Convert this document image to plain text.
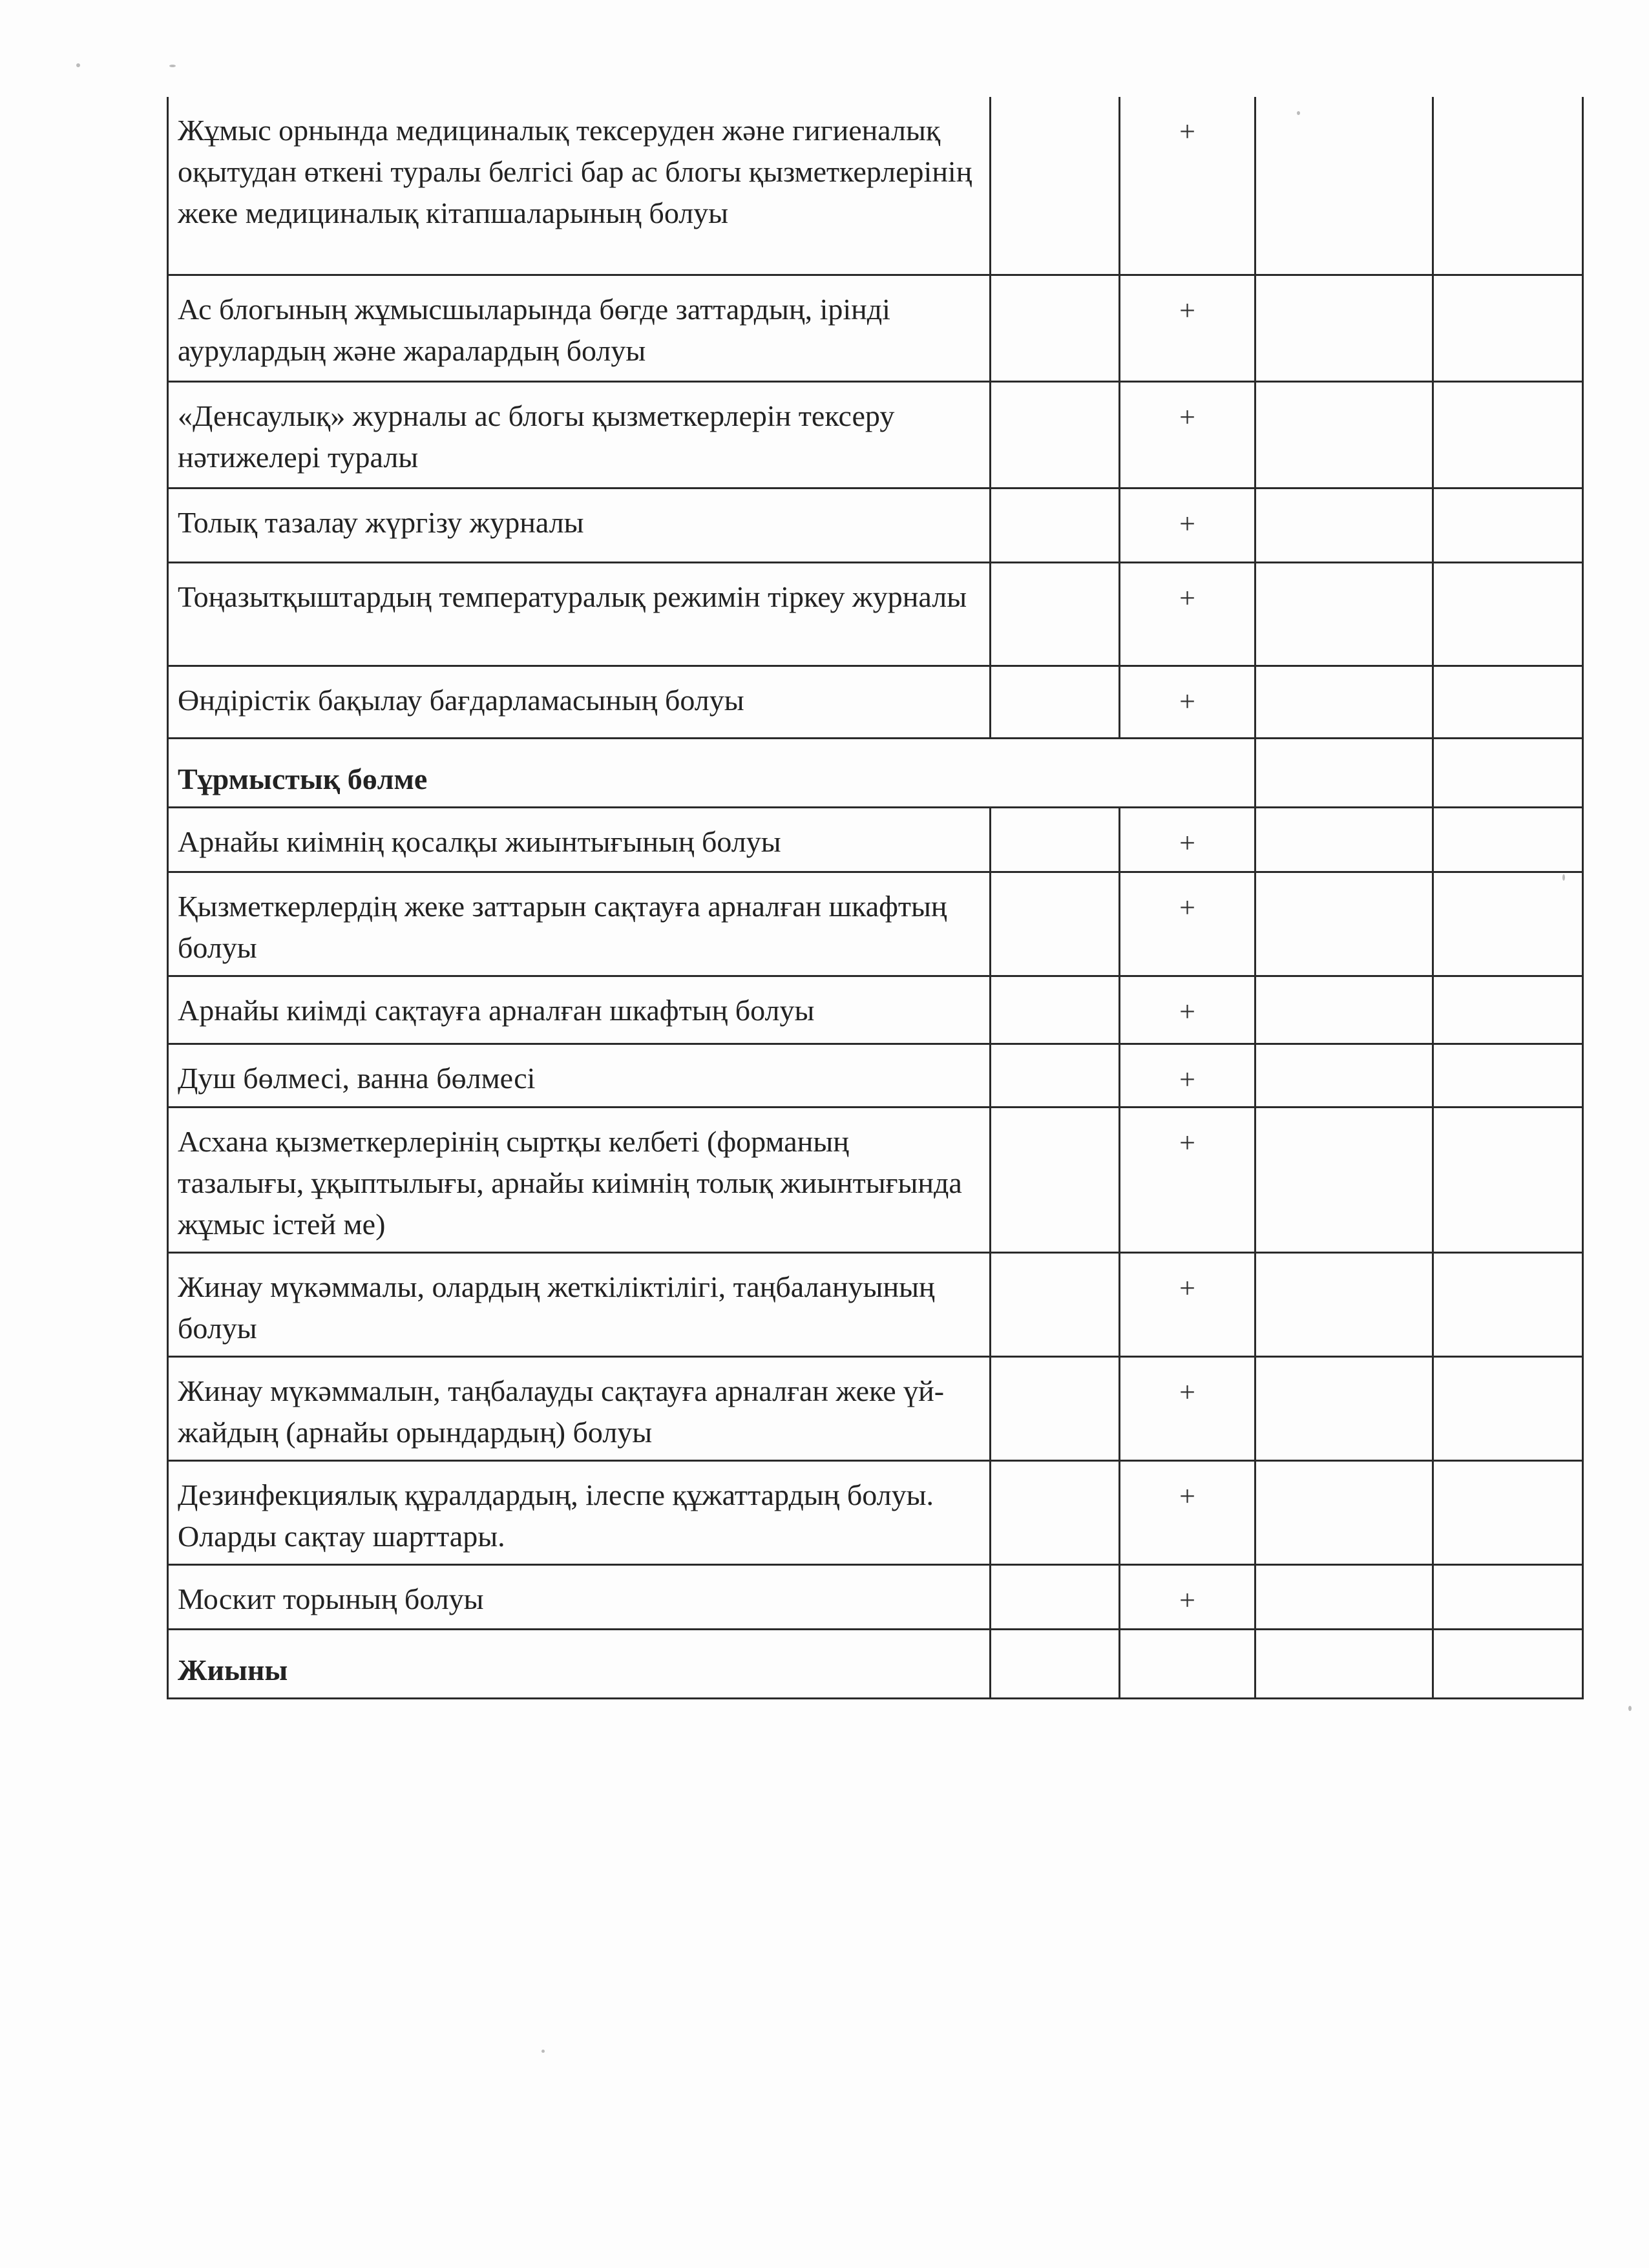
Жұмыс орнында медициналық тексеруден және гигиеналық оқытудан өткені туралы белгісі бар ас блогы қызметкерлерінің жеке медициналық кітапшаларының болуы		+		
Ас блогының жұмысшыларында бөгде заттардың, ірінді аурулардың және жаралардың болуы		+		
«Денсаулық» журналы ас блогы қызметкерлерін тексеру нәтижелері туралы		+		
Толық тазалау жүргізу журналы		+		
Тоңазытқыштардың температуралық режимін тіркеу журналы		+		
Өндірістік бақылау бағдарламасының болуы		+		
Тұрмыстық бөлме				
Арнайы киімнің қосалқы жиынтығының болуы		+		
Қызметкерлердің жеке заттарын сақтауға арналған шкафтың болуы		+		
Арнайы киімді сақтауға арналған шкафтың болуы		+		
Душ бөлмесі, ванна бөлмесі		+		
Асхана қызметкерлерінің сыртқы келбеті (форманың тазалығы, ұқыптылығы, арнайы киімнің толық жиынтығында жұмыс істей ме)		+		
Жинау мүкәммалы, олардың жеткіліктілігі, таңбалануының болуы		+		
Жинау мүкәммалын, таңбалауды сақтауға арналған жеке үй-жайдың (арнайы орындардың) болуы		+		
Дезинфекциялық құралдардың, ілеспе құжаттардың болуы. Оларды сақтау шарттары.		+		
Москит торының болуы		+		
Жиыны				
